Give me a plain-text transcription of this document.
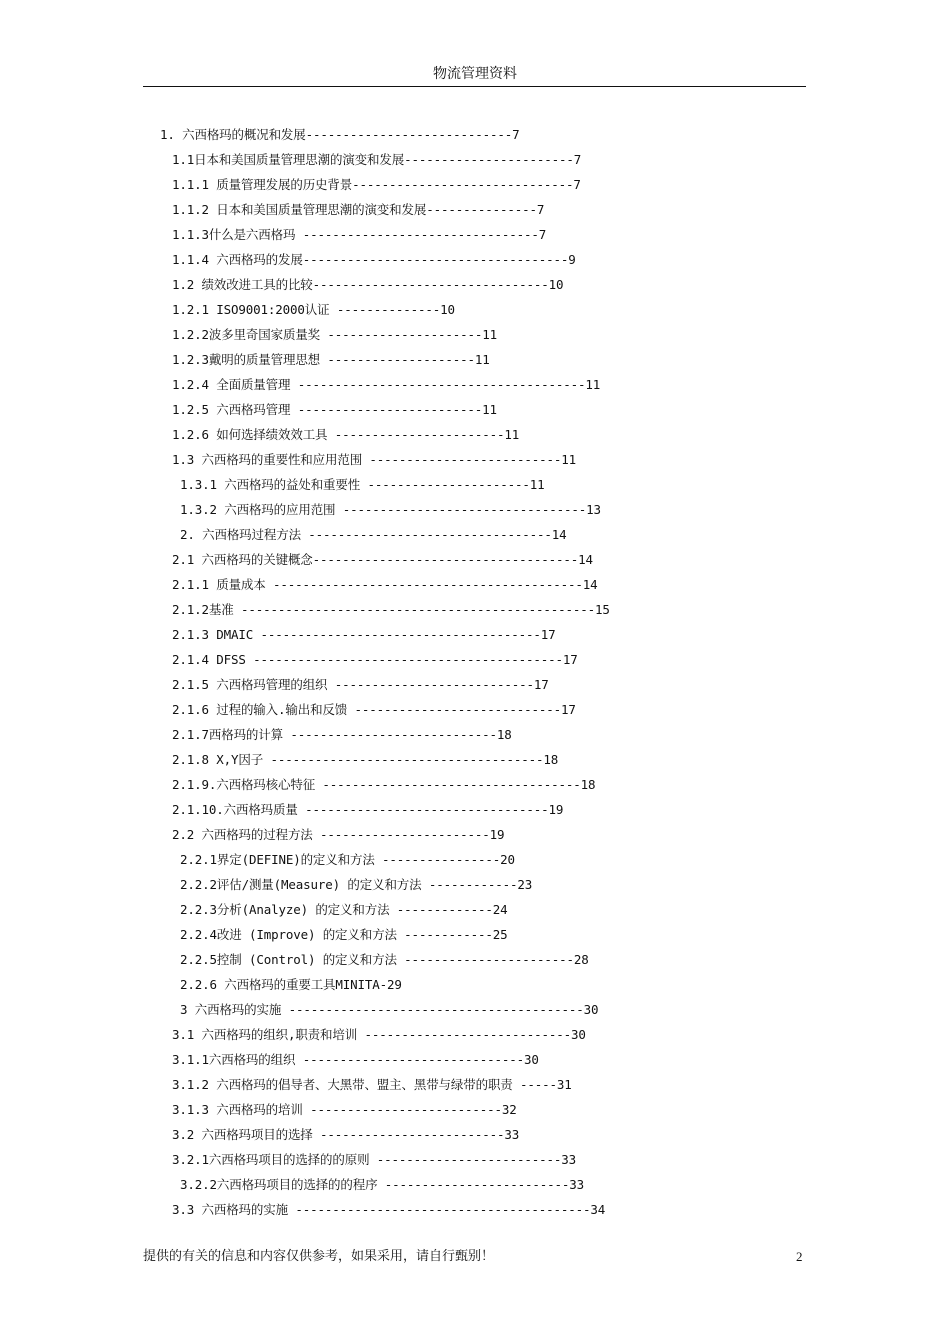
物流管理资料
1. 六西格玛的概况和发展----------------------------7
1.1日本和美国质量管理思潮的演变和发展-----------------------7
1.1.1 质量管理发展的历史背景------------------------------7
1.1.2 日本和美国质量管理思潮的演变和发展---------------7
1.1.3什么是六西格玛 --------------------------------7
1.1.4 六西格玛的发展------------------------------------9
1.2 绩效改进工具的比较--------------------------------10
1.2.1 ISO9001:2000认证 --------------10
1.2.2波多里奇国家质量奖 ---------------------11
1.2.3戴明的质量管理思想 --------------------11
1.2.4 全面质量管理 ---------------------------------------11
1.2.5 六西格玛管理 -------------------------11
1.2.6 如何选择绩效效工具 -----------------------11
1.3 六西格玛的重要性和应用范围 --------------------------11
1.3.1 六西格玛的益处和重要性 ----------------------11
1.3.2 六西格玛的应用范围 ---------------------------------13
2. 六西格玛过程方法 ---------------------------------14
2.1 六西格玛的关键概念------------------------------------14
2.1.1 质量成本 ------------------------------------------14
2.1.2基准 ------------------------------------------------15
2.1.3 DMAIC --------------------------------------17
2.1.4 DFSS ------------------------------------------17
2.1.5 六西格玛管理的组织 ---------------------------17
2.1.6 过程的输入.输出和反馈 ----------------------------17
2.1.7西格玛的计算 ----------------------------18
2.1.8 X,Y因子 -------------------------------------18
2.1.9.六西格玛核心特征 -----------------------------------18
2.1.10.六西格玛质量 ---------------------------------19
2.2 六西格玛的过程方法 -----------------------19
2.2.1界定(DEFINE)的定义和方法 ----------------20
2.2.2评估/测量(Measure) 的定义和方法 ------------23
2.2.3分析(Analyze) 的定义和方法 -------------24
2.2.4改进 (Improve) 的定义和方法 ------------25
2.2.5控制 (Control) 的定义和方法 -----------------------28
2.2.6 六西格玛的重要工具MINITA-29
3 六西格玛的实施 ----------------------------------------30
3.1 六西格玛的组织,职责和培训 ----------------------------30
3.1.1六西格玛的组织 ------------------------------30
3.1.2 六西格玛的倡导者、大黑带、盟主、黑带与绿带的职责 -----31
3.1.3 六西格玛的培训 --------------------------32
3.2 六西格玛项目的选择 -------------------------33
3.2.1六西格玛项目的选择的的原则 -------------------------33
3.2.2六西格玛项目的选择的的程序 -------------------------33
3.3 六西格玛的实施 ----------------------------------------34
提供的有关的信息和内容仅供参考，如果采用，请自行甄别！	2
